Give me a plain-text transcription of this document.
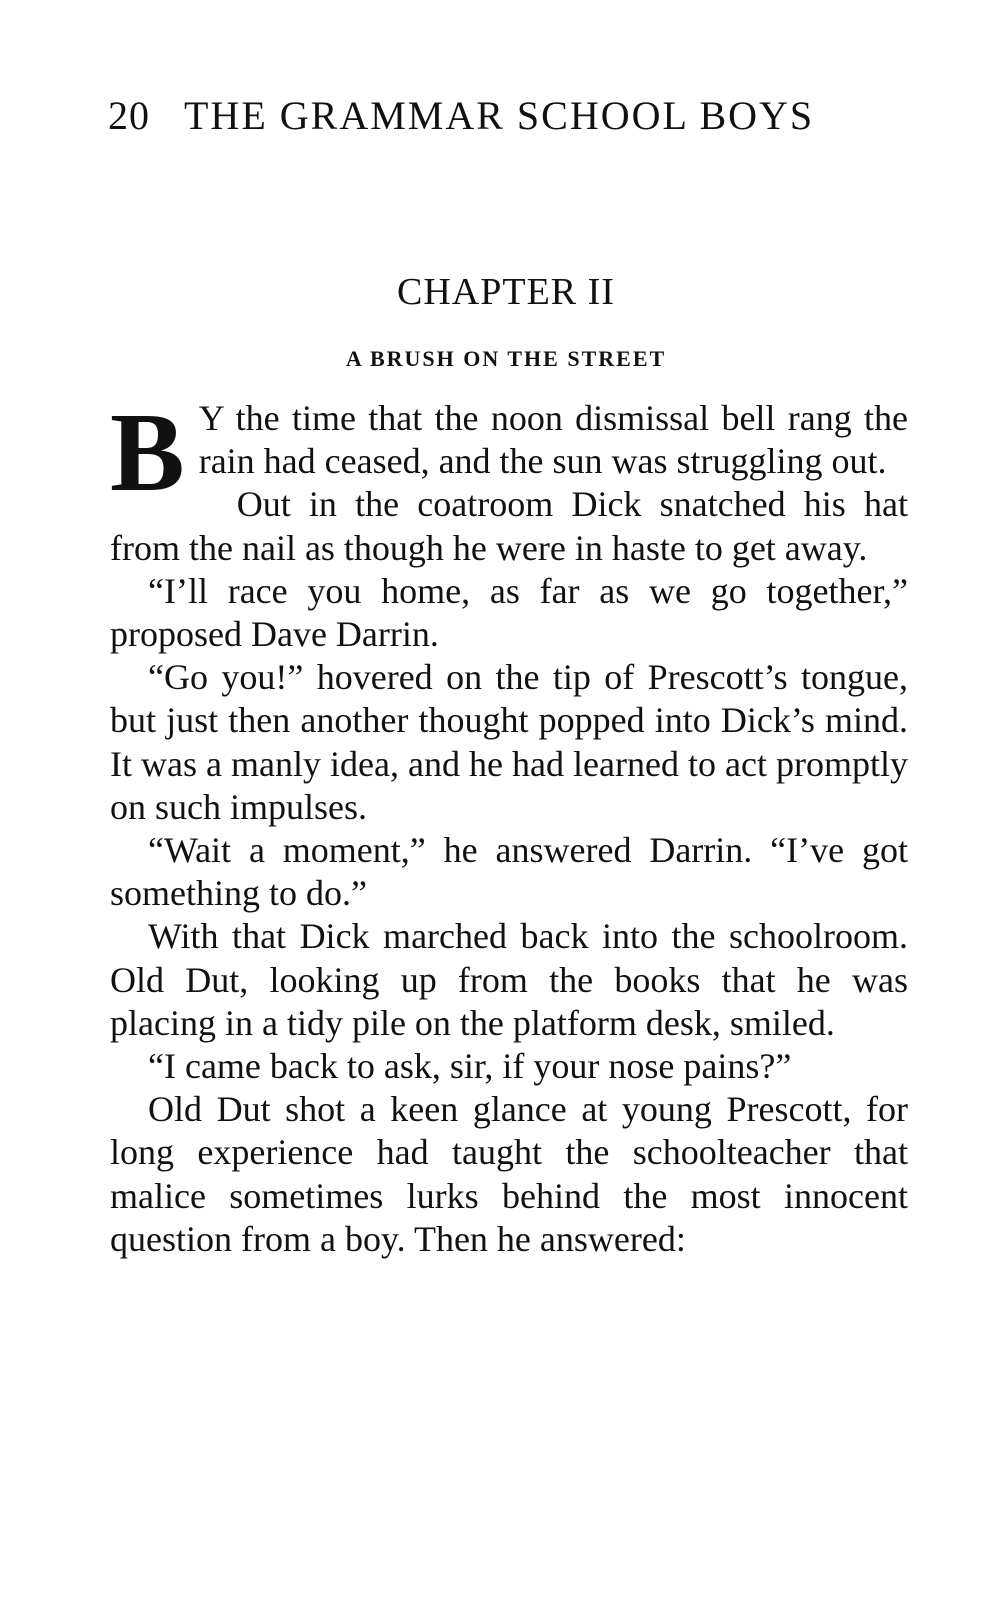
20 THE GRAMMAR SCHOOL BOYS
CHAPTER II
A BRUSH ON THE STREET

B Y the time that the noon dismissal bell rang the rain had ceased, and the sun was struggling out.

Out in the coatroom Dick snatched his hat from the nail as though he were in haste to get away.

“I’ll race you home, as far as we go together,” proposed Dave Darrin.

“Go you!” hovered on the tip of Prescott’s tongue, but just then another thought popped into Dick’s mind. It was a manly idea, and he had learned to act promptly on such impulses.

“Wait a moment,” he answered Darrin. “I’ve got something to do.”

With that Dick marched back into the schoolroom. Old Dut, looking up from the books that he was placing in a tidy pile on the platform desk, smiled.

“I came back to ask, sir, if your nose pains?”

Old Dut shot a keen glance at young Prescott, for long experience had taught the schoolteacher that malice sometimes lurks behind the most innocent question from a boy. Then he answered:
